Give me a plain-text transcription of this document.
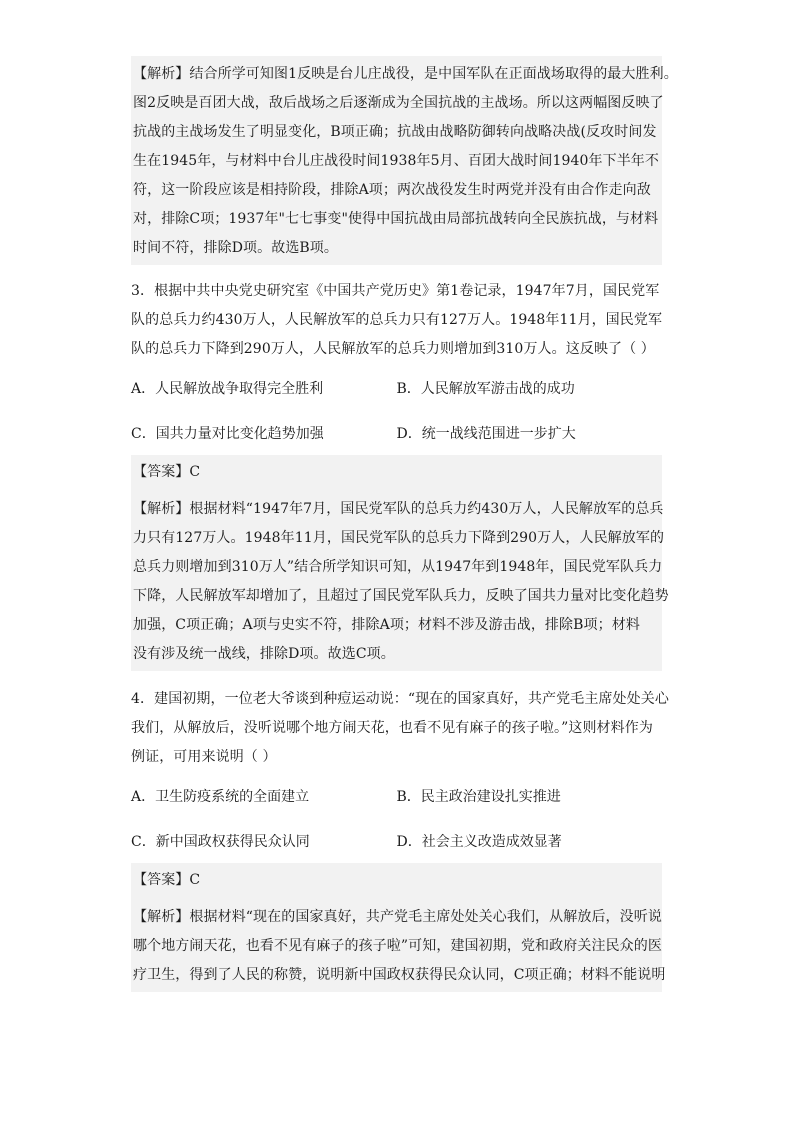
【解析】结合所学可知图1反映是台儿庄战役，是中国军队在正面战场取得的最大胜利。
图2反映是百团大战，敌后战场之后逐渐成为全国抗战的主战场。所以这两幅图反映了
抗战的主战场发生了明显变化，B项正确；抗战由战略防御转向战略决战(反攻时间发
生在1945年，与材料中台儿庄战役时间1938年5月、百团大战时间1940年下半年不
符，这一阶段应该是相持阶段，排除A项；两次战役发生时两党并没有由合作走向敌
对，排除C项；1937年"七七事变"使得中国抗战由局部抗战转向全民族抗战，与材料
时间不符，排除D项。故选B项。
3．根据中共中央党史研究室《中国共产党历史》第1卷记录，1947年7月，国民党军
队的总兵力约430万人，人民解放军的总兵力只有127万人。1948年11月，国民党军
队的总兵力下降到290万人，人民解放军的总兵力则增加到310万人。这反映了（ ）
A．人民解放战争取得完全胜利	B．人民解放军游击战的成功
C．国共力量对比变化趋势加强	D．统一战线范围进一步扩大
【答案】C
【解析】根据材料“1947年7月，国民党军队的总兵力约430万人，人民解放军的总兵
力只有127万人。1948年11月，国民党军队的总兵力下降到290万人，人民解放军的
总兵力则增加到310万人”结合所学知识可知，从1947年到1948年，国民党军队兵力
下降，人民解放军却增加了，且超过了国民党军队兵力，反映了国共力量对比变化趋势
加强，C项正确；A项与史实不符，排除A项；材料不涉及游击战，排除B项；材料
没有涉及统一战线，排除D项。故选C项。
4．建国初期，一位老大爷谈到种痘运动说：“现在的国家真好，共产党毛主席处处关心
我们，从解放后，没听说哪个地方闹天花，也看不见有麻子的孩子啦。”这则材料作为
例证，可用来说明（ ）
A．卫生防疫系统的全面建立	B．民主政治建设扎实推进
C．新中国政权获得民众认同	D．社会主义改造成效显著
【答案】C
【解析】根据材料“现在的国家真好，共产党毛主席处处关心我们，从解放后，没听说
哪个地方闹天花，也看不见有麻子的孩子啦”可知，建国初期，党和政府关注民众的医
疗卫生，得到了人民的称赞，说明新中国政权获得民众认同，C项正确；材料不能说明
